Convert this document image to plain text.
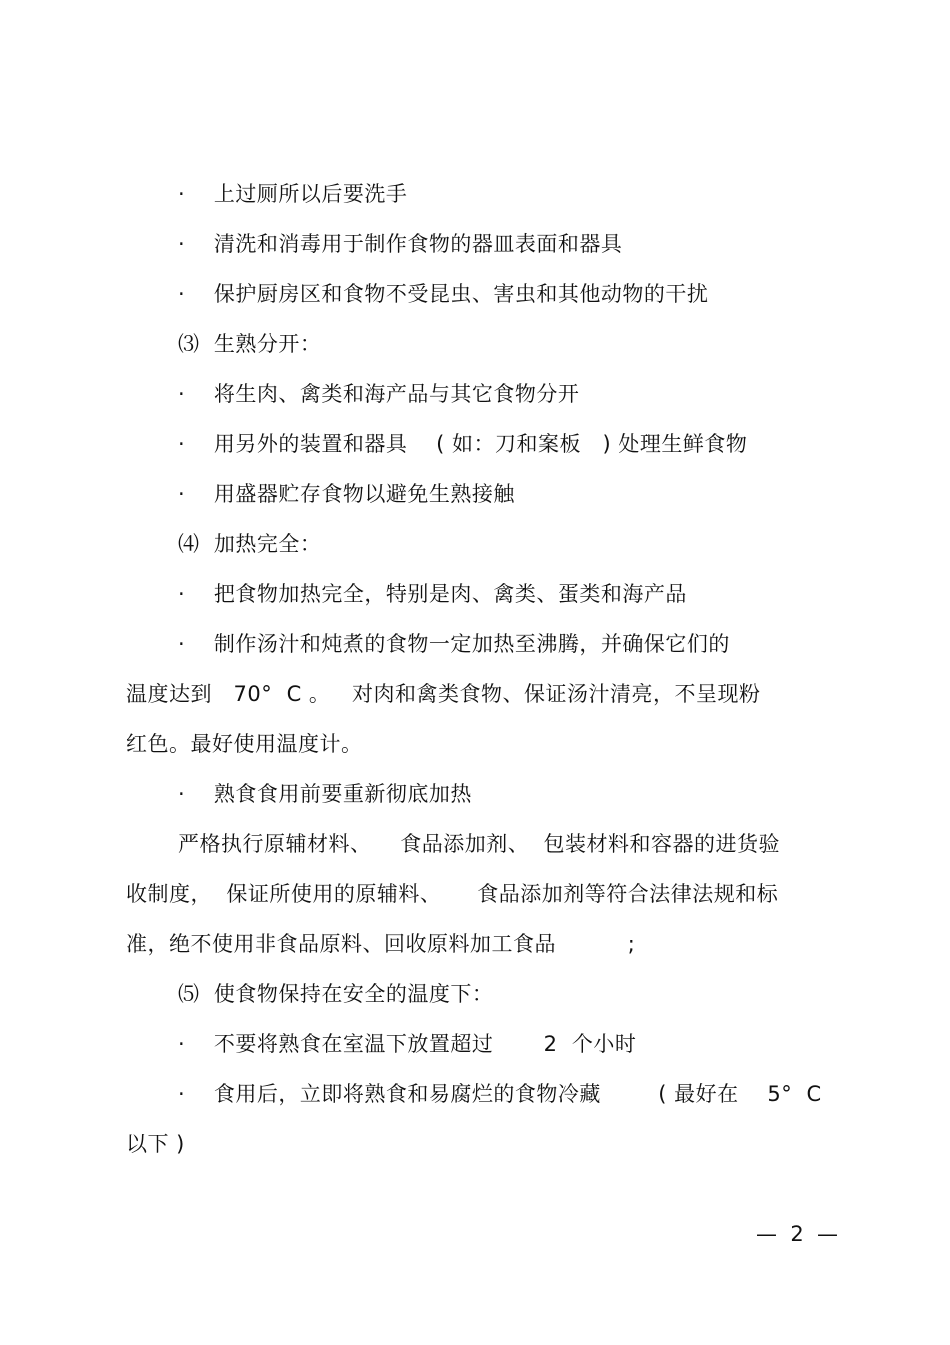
·    上过厕所以后要洗手
·    清洗和消毒用于制作食物的器皿表面和器具
·    保护厨房区和食物不受昆虫、害虫和其他动物的干扰
⑶  生熟分开：
·    将生肉、禽类和海产品与其它食物分开
·    用另外的装置和器具    ( 如：刀和案板   ) 处理生鲜食物
·    用盛器贮存食物以避免生熟接触
⑷  加热完全：
·    把食物加热完全，特别是肉、禽类、蛋类和海产品
·    制作汤汁和炖煮的食物一定加热至沸腾，并确保它们的
温度达到   70°  C 。   对肉和禽类食物、保证汤汁清亮，不呈现粉
红色。最好使用温度计。
·    熟食食用前要重新彻底加热
严格执行原辅材料、    食品添加剂、  包装材料和容器的进货验
收制度，  保证所使用的原辅料、     食品添加剂等符合法律法规和标
准，绝不使用非食品原料、回收原料加工食品          ;
⑸  使食物保持在安全的温度下：
·    不要将熟食在室温下放置超过       2  个小时
·    食用后，立即将熟食和易腐烂的食物冷藏        ( 最好在    5°  C
以下 )
—  2  —
